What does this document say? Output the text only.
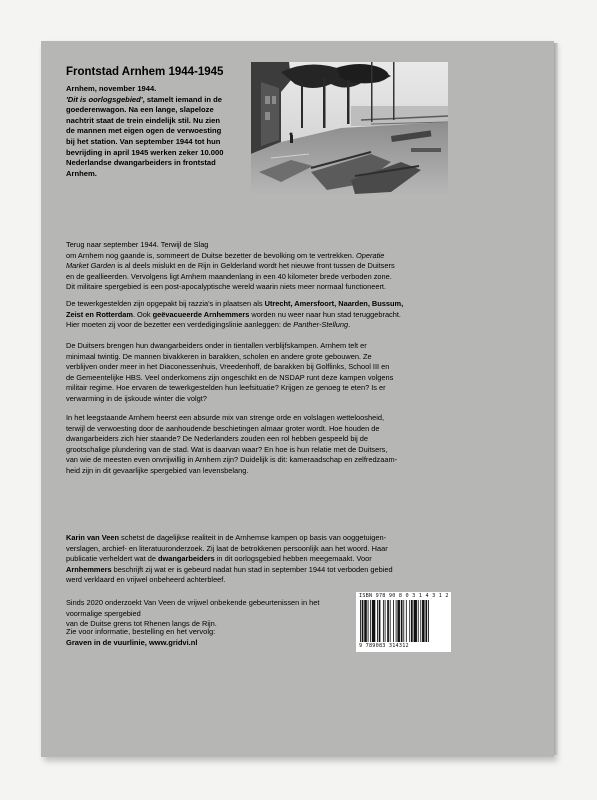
Frontstad Arnhem 1944-1945

Arnhem, november 1944.
'Dit is oorlogsgebied', stamelt iemand in de
goederenwagon. Na een lange, slapeloze
nachtrit staat de trein eindelijk stil. Nu zien
de mannen met eigen ogen de verwoesting
bij het station. Van september 1944 tot hun
bevrijding in april 1945 werken zeker 10.000
Nederlandse dwangarbeiders in frontstad
Arnhem.

Terug naar september 1944. Terwijl de Slag
om Arnhem nog gaande is, sommeert de Duitse bezetter de bevolking om te vertrekken. Operatie
Market Garden is al deels mislukt en de Rijn in Gelderland wordt het nieuwe front tussen de Duitsers
en de geallieerden. Vervolgens ligt Arnhem maandenlang in een 40 kilometer brede verboden zone.
Dit militaire spergebied is een post-apocalyptische wereld waarin niets meer normaal functioneert.

De tewerkgestelden zijn opgepakt bij razzia's in plaatsen als Utrecht, Amersfoort, Naarden, Bussum,
Zeist en Rotterdam. Ook geëvacueerde Arnhemmers worden nu weer naar hun stad teruggebracht.
Hier moeten zij voor de bezetter een verdedigingslinie aanleggen: de Panther-Stellung.

De Duitsers brengen hun dwangarbeiders onder in tientallen verblijfskampen. Arnhem telt er
minimaal twintig. De mannen bivakkeren in barakken, scholen en andere grote gebouwen. Ze
verblijven onder meer in het Diaconessenhuis, Vreedenhoff, de barakken bij Golflinks, School III en
de Gemeentelijke HBS. Veel onderkomens zijn ongeschikt en de NSDAP runt deze kampen volgens
militair regime. Hoe ervaren de tewerkgestelden hun leefsituatie? Krijgen ze genoeg te eten? Is er
verwarming in de ijskoude winter die volgt?

In het leegstaande Arnhem heerst een absurde mix van strenge orde en volslagen wetteloosheid,
terwijl de verwoesting door de aanhoudende beschietingen almaar groter wordt. Hoe houden de
dwangarbeiders zich hier staande? De Nederlanders zouden een rol hebben gespeeld bij de
grootschalige plundering van de stad. Wat is daarvan waar? En hoe is hun relatie met de Duitsers,
van wie de meesten even onvrijwillig in Arnhem zijn? Duidelijk is dit: kameraadschap en zelfredzaam-
heid zijn in dit gevaarlijke spergebied van levensbelang.

Karin van Veen schetst de dagelijkse realiteit in de Arnhemse kampen op basis van ooggetuigen-
verslagen, archief- en literatuuronderzoek. Zij laat de betrokkenen persoonlijk aan het woord. Haar
publicatie verheldert wat de dwangarbeiders in dit oorlogsgebied hebben meegemaakt. Voor
Arnhemmers beschrijft zij wat er is gebeurd nadat hun stad in september 1944 tot verboden gebied
werd verklaard en vrijwel onbeheerd achterbleef.

Sinds 2020 onderzoekt Van Veen de vrijwel onbekende gebeurtenissen in het voormalige spergebied
van de Duitse grens tot Rhenen langs de Rijn.

ISBN 978 90 8 0 3 1 4 3 1 2
9 789083 314312

Zie voor informatie, bestelling en het vervolg:

Graven in de vuurlinie, www.gridvi.nl
